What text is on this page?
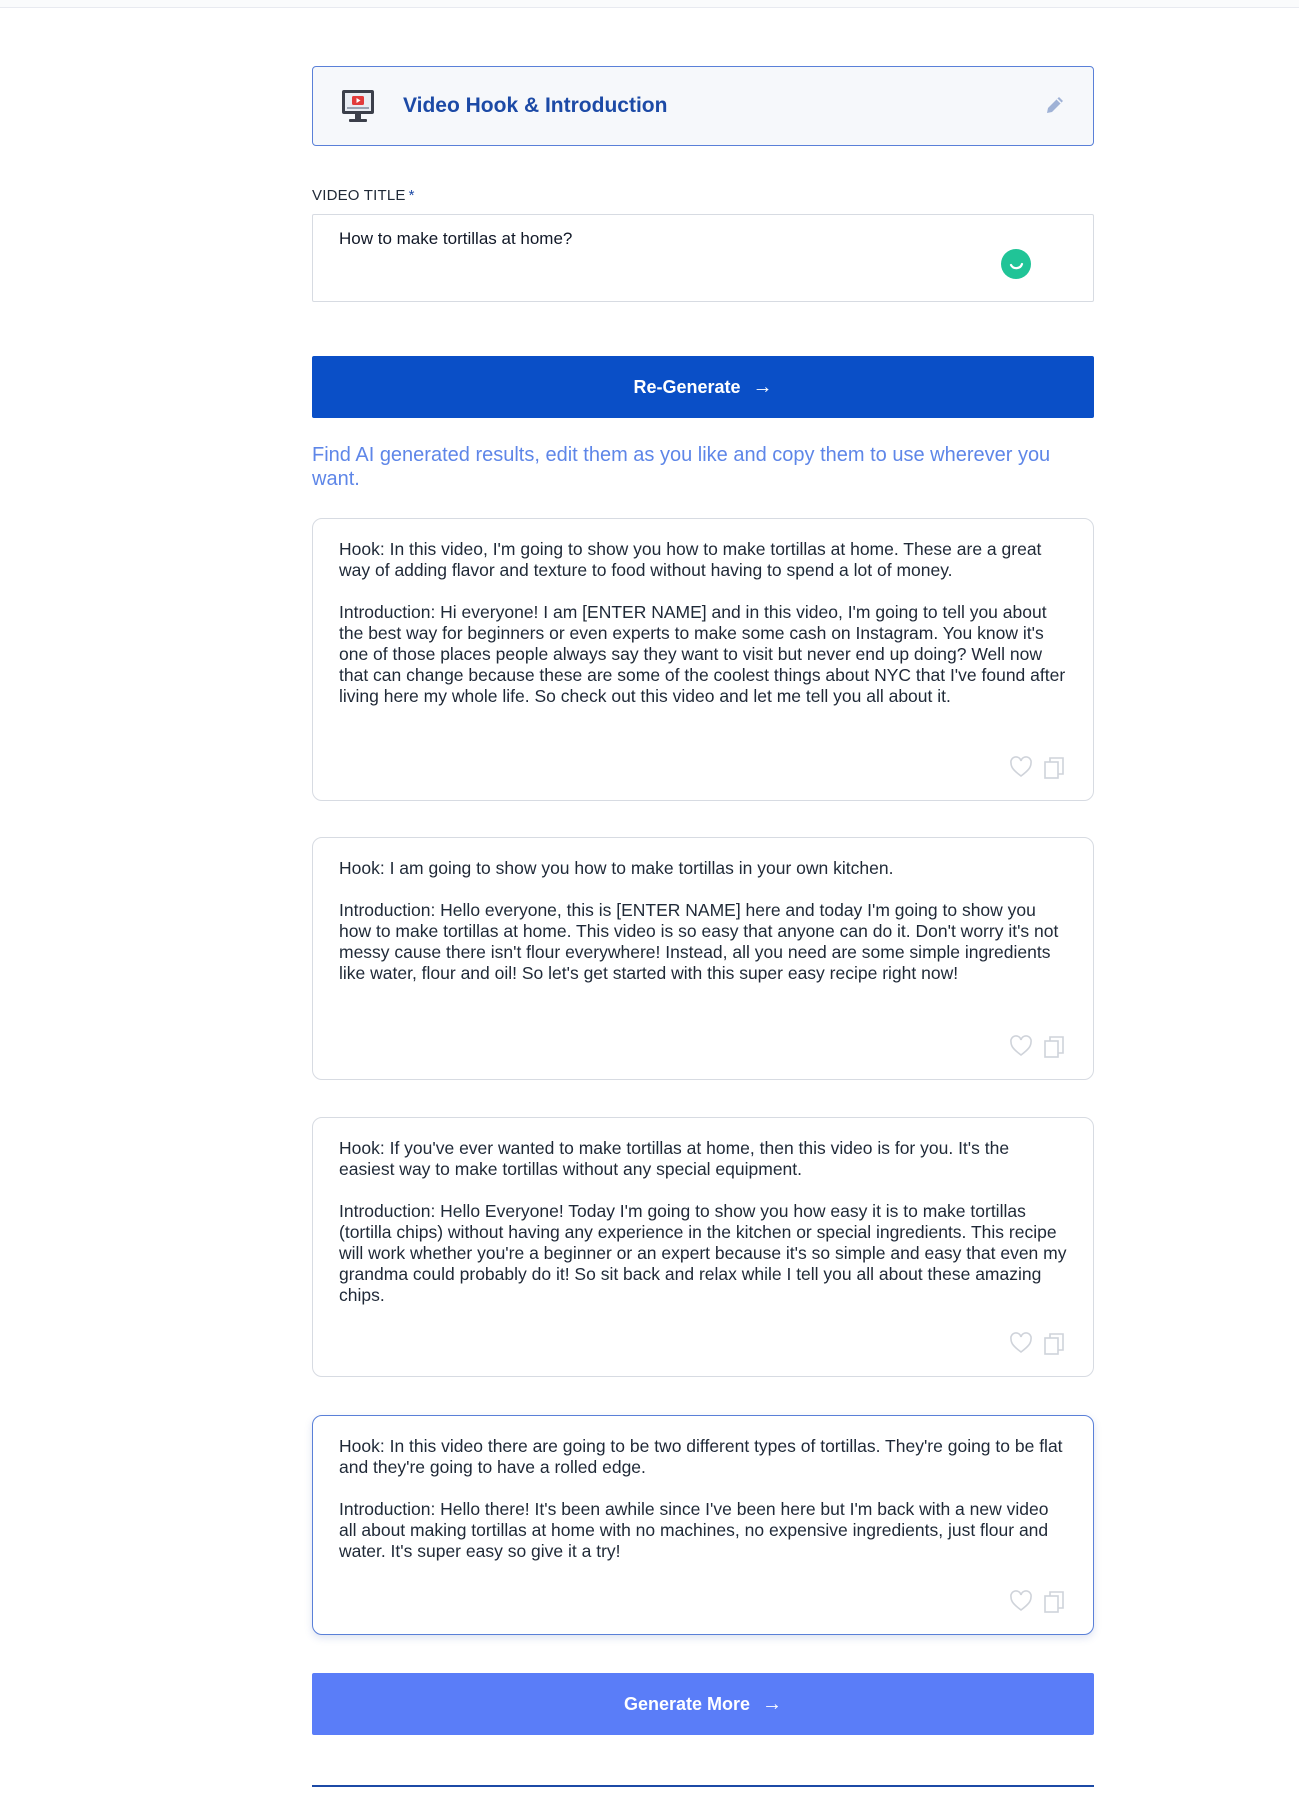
Video Hook & Introduction
VIDEO TITLE *
How to make tortillas at home?
Re-Generate →
Find AI generated results, edit them as you like and copy them to use wherever you want.
Hook: In this video, I'm going to show you how to make tortillas at home. These are a great way of adding flavor and texture to food without having to spend a lot of money.

Introduction: Hi everyone! I am [ENTER NAME] and in this video, I'm going to tell you about the best way for beginners or even experts to make some cash on Instagram. You know it's one of those places people always say they want to visit but never end up doing? Well now that can change because these are some of the coolest things about NYC that I've found after living here my whole life. So check out this video and let me tell you all about it.
Hook: I am going to show you how to make tortillas in your own kitchen.

Introduction: Hello everyone, this is [ENTER NAME] here and today I'm going to show you how to make tortillas at home. This video is so easy that anyone can do it. Don't worry it's not messy cause there isn't flour everywhere! Instead, all you need are some simple ingredients like water, flour and oil! So let's get started with this super easy recipe right now!
Hook: If you've ever wanted to make tortillas at home, then this video is for you. It's the easiest way to make tortillas without any special equipment.

Introduction: Hello Everyone! Today I'm going to show you how easy it is to make tortillas (tortilla chips) without having any experience in the kitchen or special ingredients. This recipe will work whether you're a beginner or an expert because it's so simple and easy that even my grandma could probably do it! So sit back and relax while I tell you all about these amazing chips.
Hook: In this video there are going to be two different types of tortillas. They're going to be flat and they're going to have a rolled edge.

Introduction: Hello there! It's been awhile since I've been here but I'm back with a new video all about making tortillas at home with no machines, no expensive ingredients, just flour and water. It's super easy so give it a try!
Generate More →
